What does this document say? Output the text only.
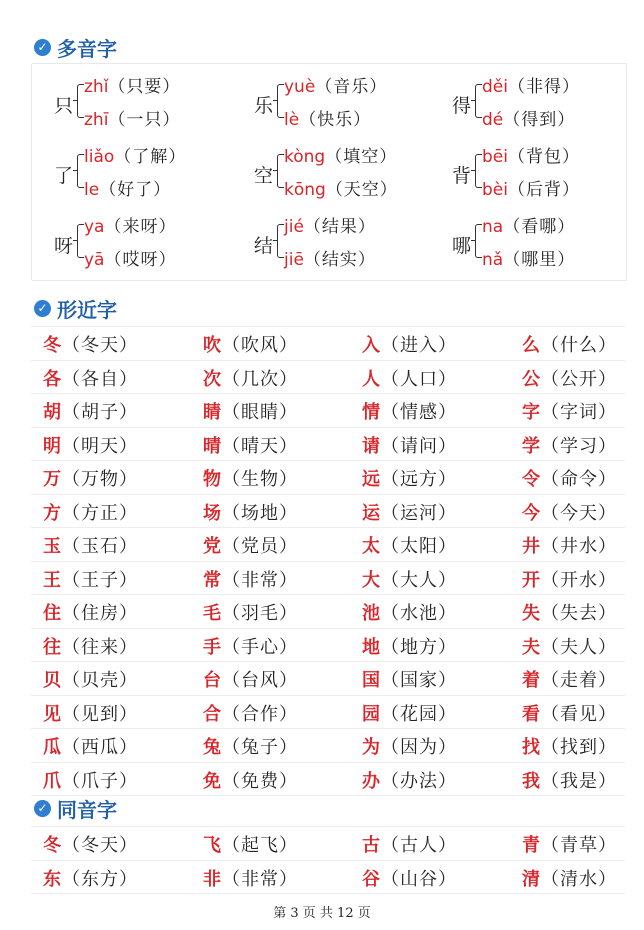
✓ 多音字
只
zhǐ（只要）
zhī（一只）
乐
yuè（音乐）
lè（快乐）
得
děi（非得）
dé（得到）
了
liǎo（了解）
le（好了）
空
kòng（填空）
kōng（天空）
背
bēi（背包）
bèi（后背）
呀
ya（来呀）
yā（哎呀）
结
jié（结果）
jiē（结实）
哪
na（看哪）
nǎ（哪里）
✓ 形近字
冬（冬天）	吹（吹风）	入（进入）	么（什么）
各（各自）	次（几次）	人（人口）	公（公开）
胡（胡子）	睛（眼睛）	情（情感）	字（字词）
明（明天）	晴（晴天）	请（请问）	学（学习）
万（万物）	物（生物）	远（远方）	令（命令）
方（方正）	场（场地）	运（运河）	今（今天）
玉（玉石）	党（党员）	太（太阳）	井（井水）
王（王子）	常（非常）	大（大人）	开（开水）
住（住房）	毛（羽毛）	池（水池）	失（失去）
往（往来）	手（手心）	地（地方）	夫（夫人）
贝（贝壳）	台（台风）	国（国家）	着（走着）
见（见到）	合（合作）	园（花园）	看（看见）
瓜（西瓜）	兔（兔子）	为（因为）	找（找到）
爪（爪子）	免（免费）	办（办法）	我（我是）
✓ 同音字
冬（冬天）	飞（起飞）	古（古人）	青（青草）
东（东方）	非（非常）	谷（山谷）	清（清水）
第 3 页 共 12 页
